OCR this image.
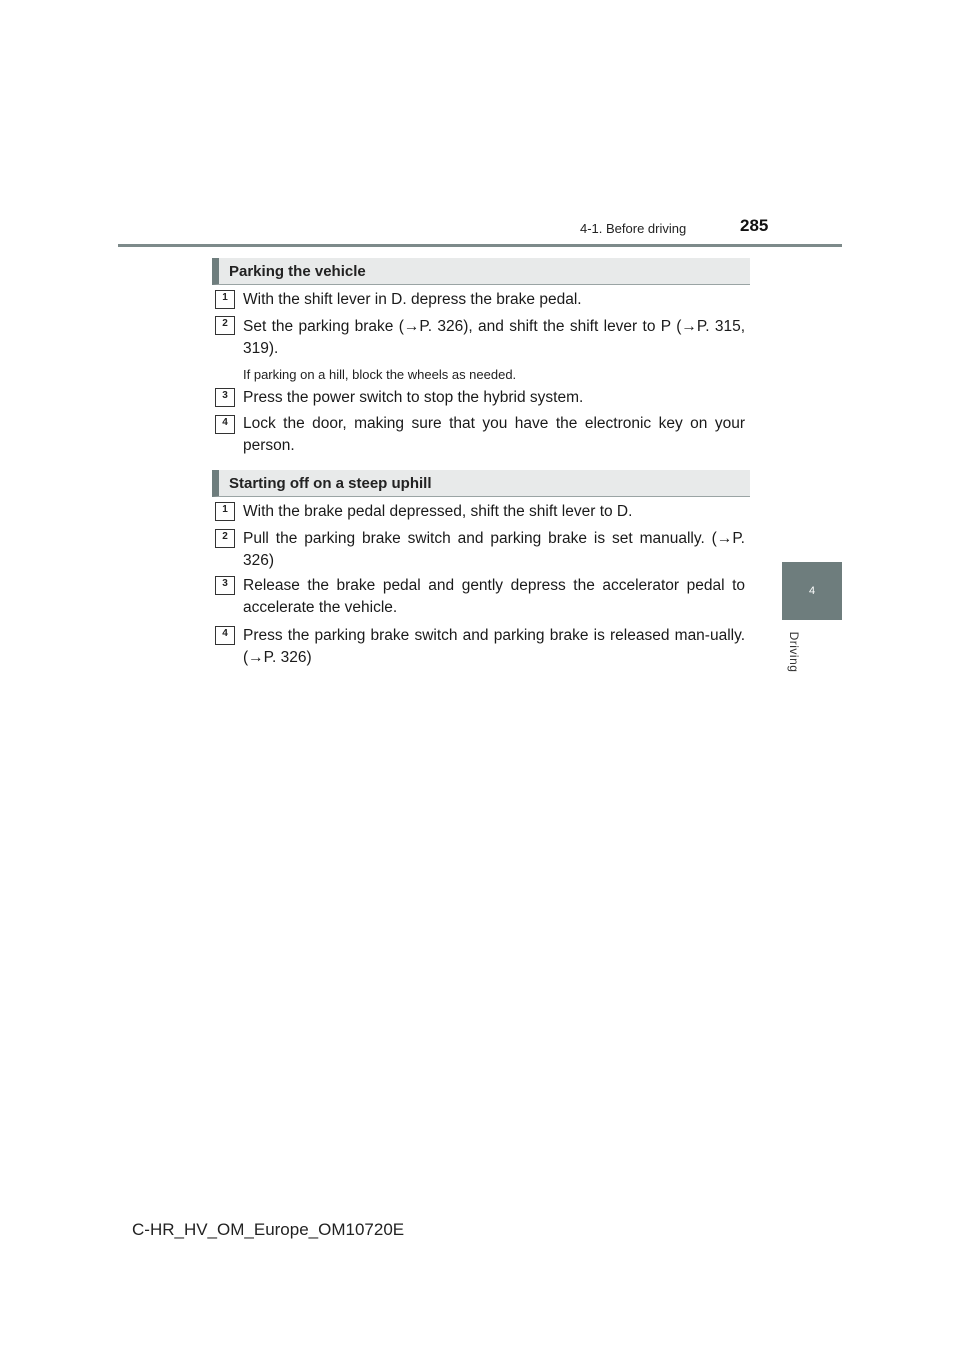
4-1. Before driving	285
4
Driving
Parking the vehicle
1 With the shift lever in D. depress the brake pedal.
2 Set the parking brake (→P. 326), and shift the shift lever to P (→P. 315, 319).
If parking on a hill, block the wheels as needed.
3 Press the power switch to stop the hybrid system.
4 Lock the door, making sure that you have the electronic key on your person.
Starting off on a steep uphill
1 With the brake pedal depressed, shift the shift lever to D.
2 Pull the parking brake switch and parking brake is set manually. (→P. 326)
3 Release the brake pedal and gently depress the accelerator pedal to accelerate the vehicle.
4 Press the parking brake switch and parking brake is released man-ually. (→P. 326)
C-HR_HV_OM_Europe_OM10720E
